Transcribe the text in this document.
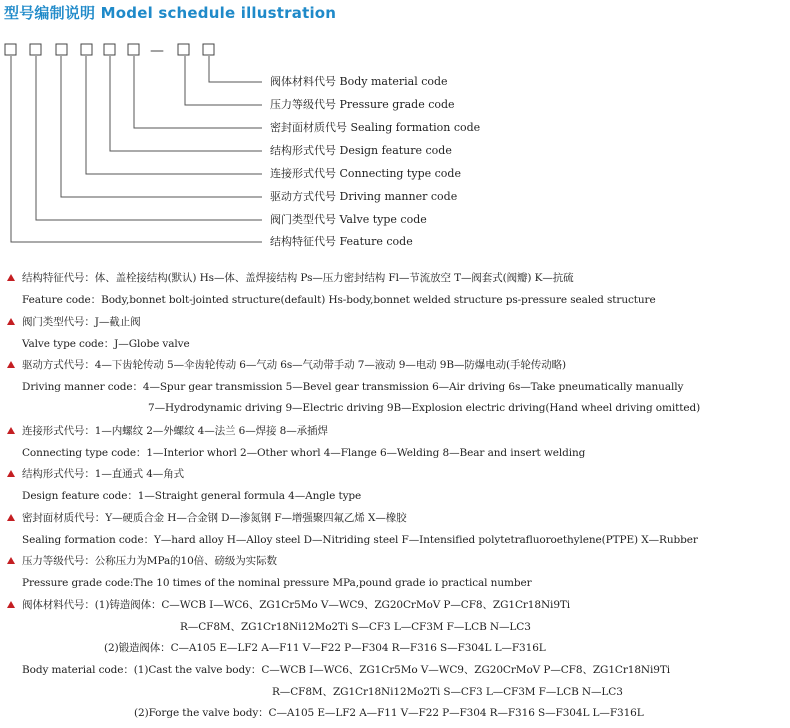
型号编制说明 Model schedule illustration
—
阀体材料代号 Body material code
压力等级代号 Pressure grade code
密封面材质代号 Sealing formation code
结构形式代号 Design feature code
连接形式代号 Connecting type code
驱动方式代号 Driving manner code
阀门类型代号 Valve type code
结构特征代号 Feature code
结构特征代号：体、盖栓接结构(默认) Hs—体、盖焊接结构 Ps—压力密封结构 Fl—节流放空 T—阀套式(阀瓣) K—抗硫
Feature code：Body,bonnet bolt-jointed structure(default) Hs-body,bonnet welded structure ps-pressure sealed structure
阀门类型代号：J—截止阀
Valve type code：J—Globe valve
驱动方式代号：4—下齿轮传动 5—伞齿轮传动 6—气动 6s—气动带手动 7—液动 9—电动 9B—防爆电动(手轮传动略)
Driving manner code：4—Spur gear transmission 5—Bevel gear transmission 6—Air driving 6s—Take pneumatically manually
7—Hydrodynamic driving 9—Electric driving 9B—Explosion electric driving(Hand wheel driving omitted)
连接形式代号：1—内螺纹 2—外螺纹 4—法兰 6—焊接 8—承插焊
Connecting type code：1—Interior whorl 2—Other whorl 4—Flange 6—Welding 8—Bear and insert welding
结构形式代号：1—直通式 4—角式
Design feature code：1—Straight general formula 4—Angle type
密封面材质代号：Y—硬质合金 H—合金钢 D—渗氮钢 F—增强聚四氟乙烯 X—橡胶
Sealing formation code：Y—hard alloy H—Alloy steel D—Nitriding steel F—Intensified polytetrafluoroethylene(PTPE) X—Rubber
压力等级代号：公称压力为MPa的10倍、磅级为实际数
Pressure grade code:The 10 times of the nominal pressure MPa,pound grade io practical number
阀体材料代号：(1)铸造阀体：C—WCB I—WC6、ZG1Cr5Mo V—WC9、ZG20CrMoV P—CF8、ZG1Cr18Ni9Ti
R—CF8M、ZG1Cr18Ni12Mo2Ti S—CF3 L—CF3M F—LCB N—LC3
(2)锻造阀体：C—A105 E—LF2 A—F11 V—F22 P—F304 R—F316 S—F304L L—F316L
Body material code：(1)Cast the valve body：C—WCB I—WC6、ZG1Cr5Mo V—WC9、ZG20CrMoV P—CF8、ZG1Cr18Ni9Ti
R—CF8M、ZG1Cr18Ni12Mo2Ti S—CF3 L—CF3M F—LCB N—LC3
(2)Forge the valve body：C—A105 E—LF2 A—F11 V—F22 P—F304 R—F316 S—F304L L—F316L
